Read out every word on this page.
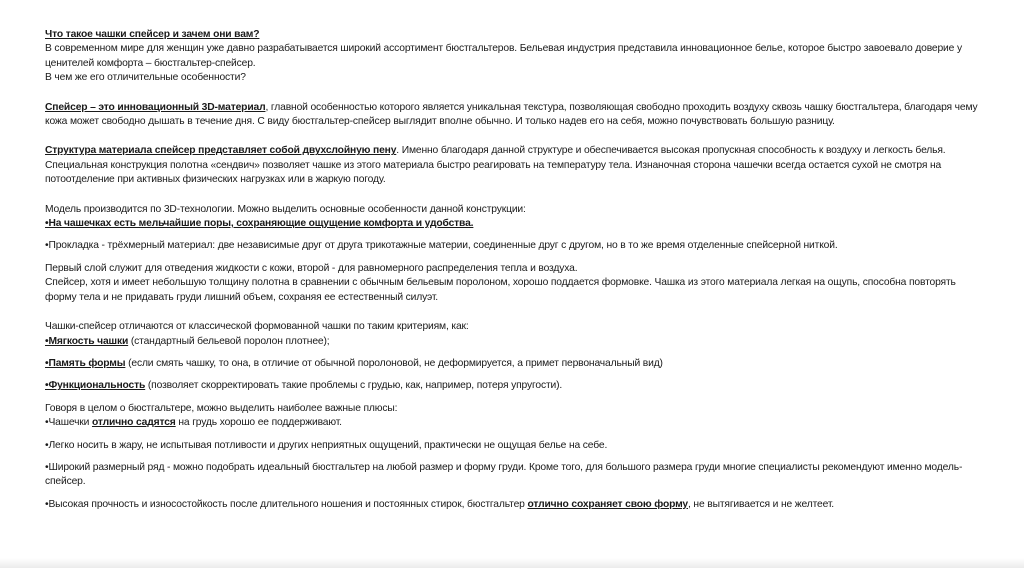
Что такое чашки спейсер и зачем они вам?

В современном мире для женщин уже давно разрабатывается широкий ассортимент бюстгальтеров. Бельевая индустрия представила инновационное белье, которое быстро завоевало доверие у ценителей комфорта – бюстгальтер-спейсер.

В чем же его отличительные особенности?

Спейсер – это инновационный 3D-материал, главной особенностью которого является уникальная текстура, позволяющая свободно проходить воздуху сквозь чашку бюстгальтера, благодаря чему кожа может свободно дышать в течение дня. С виду бюстгальтер-спейсер выглядит вполне обычно. И только надев его на себя, можно почувствовать большую разницу.

Структура материала спейсер представляет собой двухслойную пену. Именно благодаря данной структуре и обеспечивается высокая пропускная способность к воздуху и легкость белья. Специальная конструкция полотна «сендвич» позволяет чашке из этого материала быстро реагировать на температуру тела. Изнаночная сторона чашечки всегда остается сухой не смотря на потоотделение при активных физических нагрузках или в жаркую погоду.

Модель производится по 3D-технологии. Можно выделить основные особенности данной конструкции:

•На чашечках есть мельчайшие поры, сохраняющие ощущение комфорта и удобства.

•Прокладка - трёхмерный материал: две независимые друг от друга трикотажные материи, соединенные друг с другом, но в то же время отделенные спейсерной ниткой.

Первый слой служит для отведения жидкости с кожи, второй - для равномерного распределения тепла и воздуха.

Спейсер, хотя и имеет небольшую толщину полотна в сравнении с обычным бельевым поролоном, хорошо поддается формовке. Чашка из этого материала легкая на ощупь, способна повторять форму тела и не придавать груди лишний объем, сохраняя ее естественный силуэт.

Чашки-спейсер отличаются от классической формованной чашки по таким критериям, как:

•Мягкость чашки (стандартный бельевой поролон плотнее);

•Память формы (если смять чашку, то она, в отличие от обычной поролоновой, не деформируется, а примет первоначальный вид)

•Функциональность (позволяет скорректировать такие проблемы с грудью, как, например, потеря упругости).

Говоря в целом о бюстгальтере, можно выделить наиболее важные плюсы:

•Чашечки отлично садятся на грудь хорошо ее поддерживают.

•Легко носить в жару, не испытывая потливости и других неприятных ощущений, практически не ощущая белье на себе.

•Широкий размерный ряд - можно подобрать идеальный бюстгальтер на любой размер и форму груди. Кроме того, для большого размера груди многие специалисты рекомендуют именно модель-спейсер.

•Высокая прочность и износостойкость после длительного ношения и постоянных стирок, бюстгальтер отлично сохраняет свою форму, не вытягивается и не желтеет.
